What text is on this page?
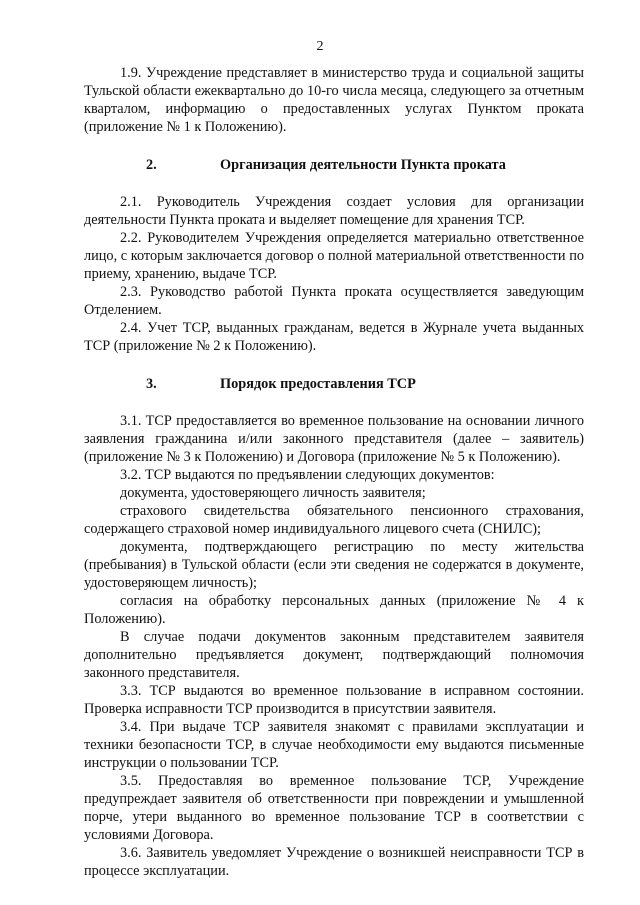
2

1.9. Учреждение представляет в министерство труда и социальной защиты Тульской области ежеквартально до 10-го числа месяца, следующего за отчетным кварталом, информацию о предоставленных услугах Пунктом проката (приложение № 1 к Положению).

2.	Организация деятельности Пункта проката

2.1. Руководитель Учреждения создает условия для организации деятельности Пункта проката и выделяет помещение для хранения ТСР.

2.2. Руководителем Учреждения определяется материально ответственное лицо, с которым заключается договор о полной материальной ответственности по приему, хранению, выдаче ТСР.

2.3. Руководство работой Пункта проката осуществляется заведующим Отделением.

2.4. Учет ТСР, выданных гражданам, ведется в Журнале учета выданных ТСР (приложение № 2 к Положению).

3.	Порядок предоставления ТСР

3.1. ТСР предоставляется во временное пользование на основании личного заявления гражданина и/или законного представителя (далее – заявитель) (приложение № 3 к Положению) и Договора (приложение № 5 к Положению).

3.2. ТСР выдаются по предъявлении следующих документов:

документа, удостоверяющего личность заявителя;

страхового свидетельства обязательного пенсионного страхования, содержащего страховой номер индивидуального лицевого счета (СНИЛС);

документа, подтверждающего регистрацию по месту жительства (пребывания) в Тульской области (если эти сведения не содержатся в документе, удостоверяющем личность);

согласия на обработку персональных данных (приложение № 4 к Положению).

В случае подачи документов законным представителем заявителя дополнительно предъявляется документ, подтверждающий полномочия законного представителя.

3.3. ТСР выдаются во временное пользование в исправном состоянии. Проверка исправности ТСР производится в присутствии заявителя.

3.4. При выдаче ТСР заявителя знакомят с правилами эксплуатации и техники безопасности ТСР, в случае необходимости ему выдаются письменные инструкции о пользовании ТСР.

3.5. Предоставляя во временное пользование ТСР, Учреждение предупреждает заявителя об ответственности при повреждении и умышленной порче, утери выданного во временное пользование ТСР в соответствии с условиями Договора.

3.6. Заявитель уведомляет Учреждение о возникшей неисправности ТСР в процессе эксплуатации.
